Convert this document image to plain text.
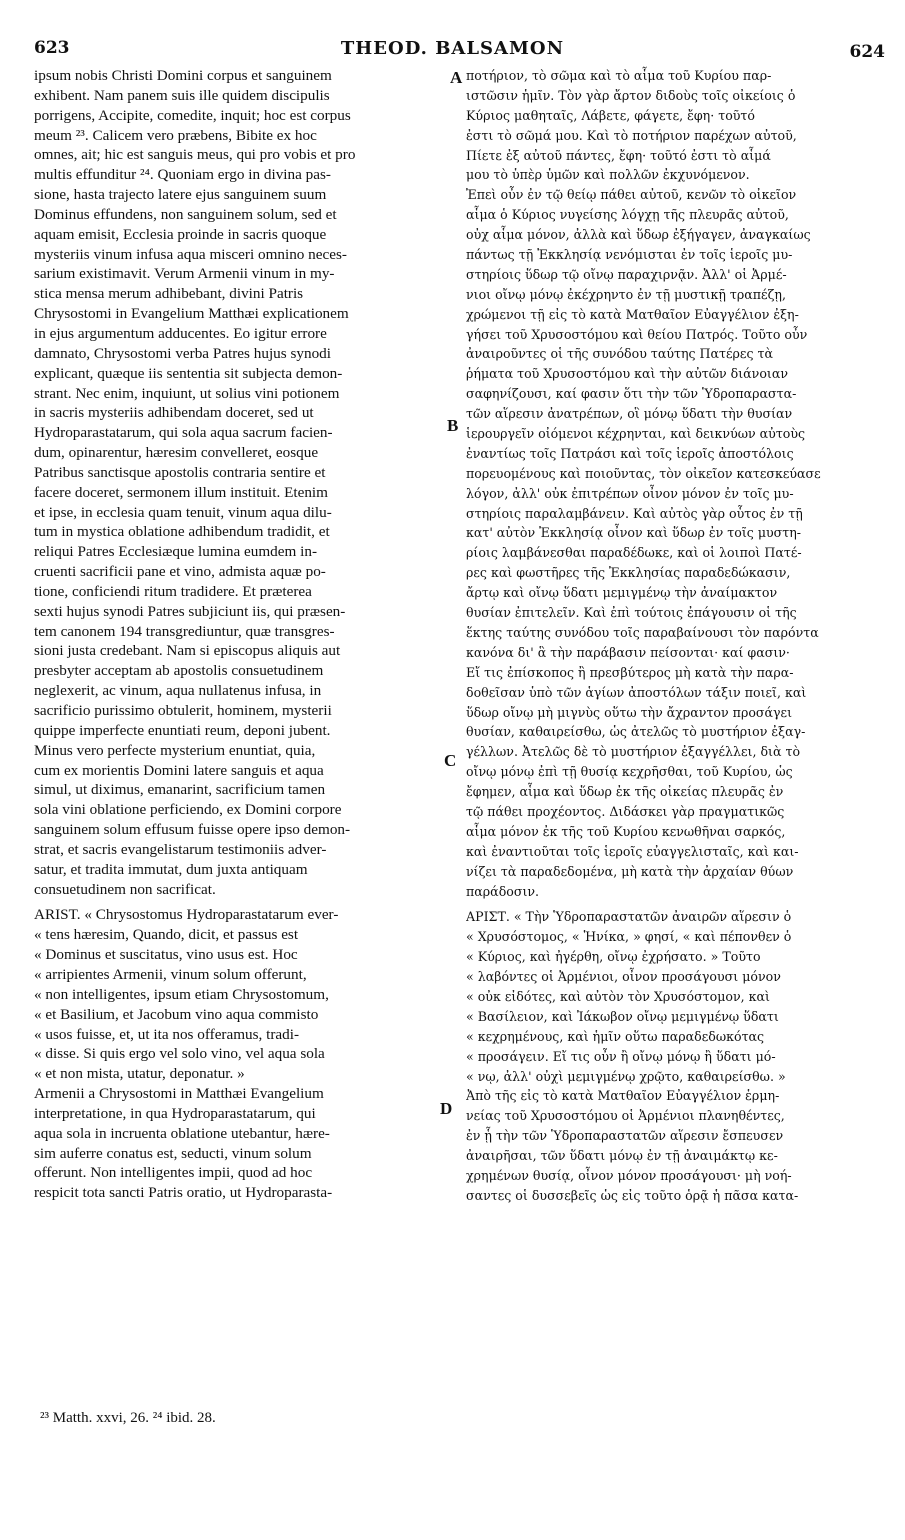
623	THEOD. BALSAMON	624
A
B
C
D
ipsum nobis Christi Domini corpus et sanguinem
exhibent. Nam panem suis ille quidem discipulis
porrigens, Accipite, comedite, inquit; hoc est corpus
meum ²³. Calicem vero præbens, Bibite ex hoc
omnes, ait; hic est sanguis meus, qui pro vobis et pro
multis effunditur ²⁴. Quoniam ergo in divina pas-
sione, hasta trajecto latere ejus sanguinem suum
Dominus effundens, non sanguinem solum, sed et
aquam emisit, Ecclesia proinde in sacris quoque
mysteriis vinum infusa aqua misceri omnino neces-
sarium existimavit. Verum Armenii vinum in my-
stica mensa merum adhibebant, divini Patris
Chrysostomi in Evangelium Matthæi explicationem
in ejus argumentum adducentes. Eo igitur errore
damnato, Chrysostomi verba Patres hujus synodi
explicant, quæque iis sententia sit subjecta demon-
strant. Nec enim, inquiunt, ut solius vini potionem
in sacris mysteriis adhibendam doceret, sed ut
Hydroparastatarum, qui sola aqua sacrum facien-
dum, opinarentur, hæresim convelleret, eosque
Patribus sanctisque apostolis contraria sentire et
facere doceret, sermonem illum instituit. Etenim
et ipse, in ecclesia quam tenuit, vinum aqua dilu-
tum in mystica oblatione adhibendum tradidit, et
reliqui Patres Ecclesiæque lumina eumdem in-
cruenti sacrificii pane et vino, admista aquæ po-
tione, conficiendi ritum tradidere. Et præterea
sexti hujus synodi Patres subjiciunt iis, qui præsen-
tem canonem 194 transgrediuntur, quæ transgres-
sioni justa credebant. Nam si episcopus aliquis aut
presbyter acceptam ab apostolis consuetudinem
neglexerit, ac vinum, aqua nullatenus infusa, in
sacrificio purissimo obtulerit, hominem, mysterii
quippe imperfecte enuntiati reum, deponi jubent.
Minus vero perfecte mysterium enuntiat, quia,
cum ex morientis Domini latere sanguis et aqua
simul, ut diximus, emanarint, sacrificium tamen
sola vini oblatione perficiendo, ex Domini corpore
sanguinem solum effusum fuisse opere ipso demon-
strat, et sacris evangelistarum testimoniis adver-
satur, et tradita immutat, dum juxta antiquam
consuetudinem non sacrificat.
ARIST. « Chrysostomus Hydroparastatarum ever-
« tens hæresim, Quando, dicit, et passus est
« Dominus et suscitatus, vino usus est. Hoc
« arripientes Armenii, vinum solum offerunt,
« non intelligentes, ipsum etiam Chrysostomum,
« et Basilium, et Jacobum vino aqua commisto
« usos fuisse, et, ut ita nos offeramus, tradi-
« disse. Si quis ergo vel solo vino, vel aqua sola
« et non mista, utatur, deponatur. »
Armenii a Chrysostomi in Matthæi Evangelium
interpretatione, in qua Hydroparastatarum, qui
aqua sola in incruenta oblatione utebantur, hære-
sim auferre conatus est, seducti, vinum solum
offerunt. Non intelligentes impii, quod ad hoc
respicit tota sancti Patris oratio, ut Hydroparasta-
ποτήριον, τὸ σῶμα καὶ τὸ αἷμα τοῦ Κυρίου παρ-
ιστῶσιν ἡμῖν. Τὸν γὰρ ἄρτον διδοὺς τοῖς οἰκείοις ὁ
Κύριος μαθηταῖς, Λάβετε, φάγετε, ἔφη· τοῦτό
ἐστι τὸ σῶμά μου. Καὶ τὸ ποτήριον παρέχων αὐτοῦ,
Πίετε ἐξ αὐτοῦ πάντες, ἔφη· τοῦτό ἐστι τὸ αἷμά
μου τὸ ὑπὲρ ὑμῶν καὶ πολλῶν ἐκχυνόμενον.
Ἐπεὶ οὖν ἐν τῷ θείῳ πάθει αὐτοῦ, κενῶν τὸ οἰκεῖον
αἷμα ὁ Κύριος νυγείσης λόγχῃ τῆς πλευρᾶς αὐτοῦ,
οὐχ αἷμα μόνον, ἀλλὰ καὶ ὕδωρ ἐξήγαγεν, ἀναγκαίως
πάντως τῇ Ἐκκλησίᾳ νενόμισται ἐν τοῖς ἱεροῖς μυ-
στηρίοις ὕδωρ τῷ οἴνῳ παραχιρνᾷν. Ἀλλ' οἱ Ἀρμέ-
νιοι οἴνῳ μόνῳ ἐκέχρηντο ἐν τῇ μυστικῇ τραπέζῃ,
χρώμενοι τῇ εἰς τὸ κατὰ Ματθαῖον Εὐαγγέλιον ἐξη-
γήσει τοῦ Χρυσοστόμου καὶ θείου Πατρός. Τοῦτο οὖν
ἀναιροῦντες οἱ τῆς συνόδου ταύτης Πατέρες τὰ
ῥήματα τοῦ Χρυσοστόμου καὶ τὴν αὐτῶν διάνοιαν
σαφηνίζουσι, καί φασιν ὅτι τὴν τῶν Ὑδροπαραστα-
τῶν αἵρεσιν ἀνατρέπων, οἳ μόνῳ ὕδατι τὴν θυσίαν
ἱερουργεῖν οἰόμενοι κέχρηνται, καὶ δεικνύων αὐτοὺς
ἐναντίως τοῖς Πατράσι καὶ τοῖς ἱεροῖς ἀποστόλοις
πορευομένους καὶ ποιοῦντας, τὸν οἰκεῖον κατεσκεύασε
λόγον, ἀλλ' οὐκ ἐπιτρέπων οἶνον μόνον ἐν τοῖς μυ-
στηρίοις παραλαμβάνειν. Καὶ αὐτὸς γὰρ οὗτος ἐν τῇ
κατ' αὐτὸν Ἐκκλησίᾳ οἶνον καὶ ὕδωρ ἐν τοῖς μυστη-
ρίοις λαμβάνεσθαι παραδέδωκε, καὶ οἱ λοιποὶ Πατέ-
ρες καὶ φωστῆρες τῆς Ἐκκλησίας παραδεδώκασιν,
ἄρτῳ καὶ οἴνῳ ὕδατι μεμιγμένῳ τὴν ἀναίμακτον
θυσίαν ἐπιτελεῖν. Καὶ ἐπὶ τούτοις ἐπάγουσιν οἱ τῆς
ἕκτης ταύτης συνόδου τοῖς παραβαίνουσι τὸν παρόντα
κανόνα δι' ἃ τὴν παράβασιν πείσονται· καί φασιν·
Εἴ τις ἐπίσκοπος ἢ πρεσβύτερος μὴ κατὰ τὴν παρα-
δοθεῖσαν ὑπὸ τῶν ἁγίων ἀποστόλων τάξιν ποιεῖ, καὶ
ὕδωρ οἴνῳ μὴ μιγνὺς οὕτω τὴν ἄχραντον προσάγει
θυσίαν, καθαιρείσθω, ὡς ἀτελῶς τὸ μυστήριον ἐξαγ-
γέλλων. Ἀτελῶς δὲ τὸ μυστήριον ἐξαγγέλλει, διὰ τὸ
οἴνῳ μόνῳ ἐπὶ τῇ θυσίᾳ κεχρῆσθαι, τοῦ Κυρίου, ὡς
ἔφημεν, αἷμα καὶ ὕδωρ ἐκ τῆς οἰκείας πλευρᾶς ἐν
τῷ πάθει προχέοντος. Διδάσκει γὰρ πραγματικῶς
αἷμα μόνον ἐκ τῆς τοῦ Κυρίου κενωθῆναι σαρκός,
καὶ ἐναντιοῦται τοῖς ἱεροῖς εὐαγγελισταῖς, καὶ και-
νίζει τὰ παραδεδομένα, μὴ κατὰ τὴν ἀρχαίαν θύων
παράδοσιν.
ΑΡΙΣΤ. « Τὴν Ὑδροπαραστατῶν ἀναιρῶν αἵρεσιν ὁ
« Χρυσόστομος, « Ἡνίκα, » φησί, « καὶ πέπονθεν ὁ
« Κύριος, καὶ ἠγέρθη, οἴνῳ ἐχρήσατο. » Τοῦτο
« λαβόντες οἱ Ἀρμένιοι, οἶνον προσάγουσι μόνον
« οὐκ εἰδότες, καὶ αὐτὸν τὸν Χρυσόστομον, καὶ
« Βασίλειον, καὶ Ἰάκωβον οἴνῳ μεμιγμένῳ ὕδατι
« κεχρημένους, καὶ ἡμῖν οὕτω παραδεδωκότας
« προσάγειν. Εἴ τις οὖν ἢ οἴνῳ μόνῳ ἢ ὕδατι μό-
« νῳ, ἀλλ' οὐχὶ μεμιγμένῳ χρῷτο, καθαιρείσθω. »
Ἀπὸ τῆς εἰς τὸ κατὰ Ματθαῖον Εὐαγγέλιον ἑρμη-
νείας τοῦ Χρυσοστόμου οἱ Ἀρμένιοι πλανηθέντες,
ἐν ᾗ τὴν τῶν Ὑδροπαραστατῶν αἵρεσιν ἔσπευσεν
ἀναιρῆσαι, τῶν ὕδατι μόνῳ ἐν τῇ ἀναιμάκτῳ κε-
χρημένων θυσίᾳ, οἶνον μόνον προσάγουσι· μὴ νοή-
σαντες οἱ δυσσεβεῖς ὡς εἰς τοῦτο ὁρᾷ ἡ πᾶσα κατα-
²³ Matth. xxvi, 26. ²⁴ ibid. 28.
